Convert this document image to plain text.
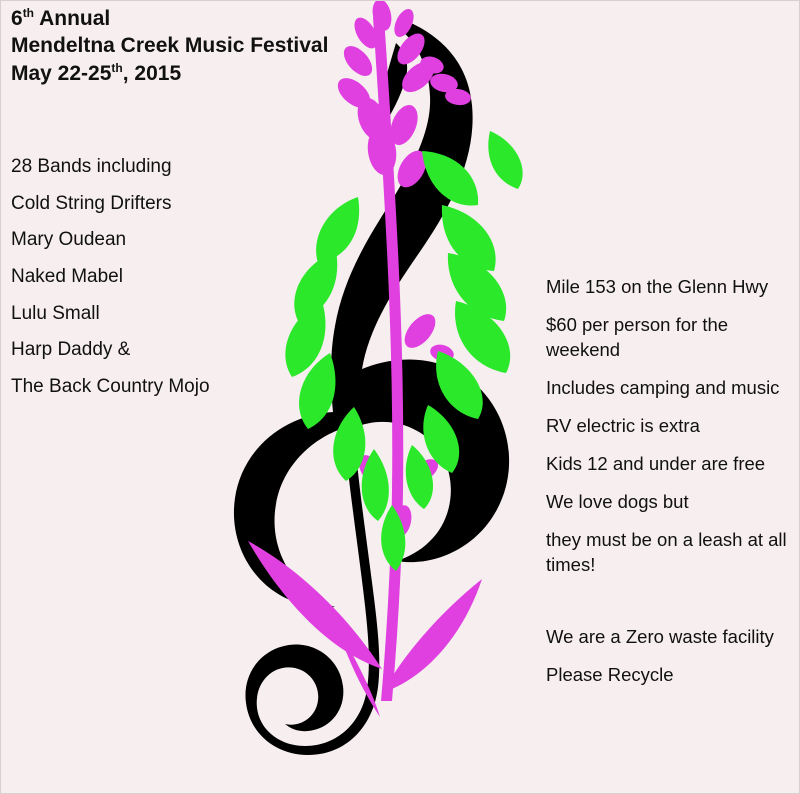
6th Annual
Mendeltna Creek Music Festival
May 22-25th, 2015
28 Bands including
Cold String Drifters
Mary Oudean
Naked Mabel
Lulu Small
Harp Daddy &
The Back Country Mojo
Mile 153 on the Glenn Hwy
$60 per person for the weekend
Includes camping and music
RV electric is extra
Kids 12 and under are free
We love dogs but
they must be on a leash at all times!
We are a Zero waste facility
Please Recycle
